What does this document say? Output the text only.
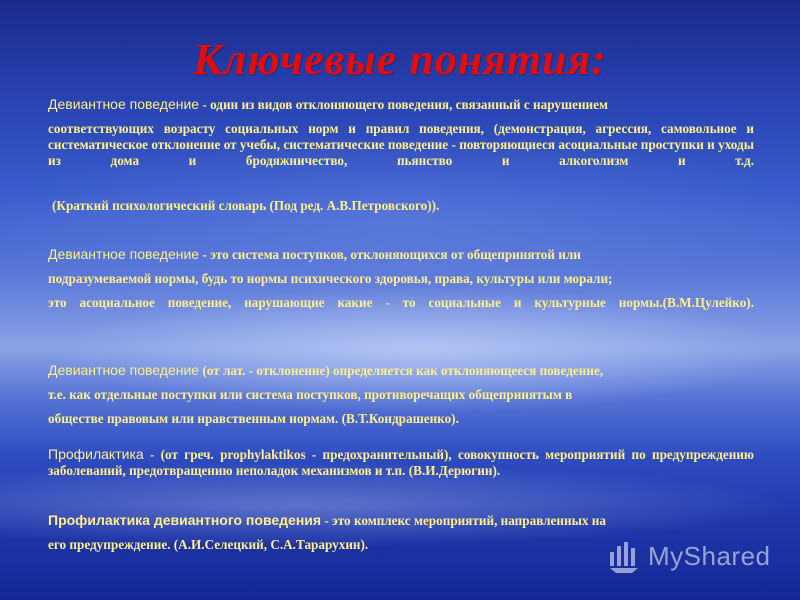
Ключевые понятия:
Девиантное поведение - один из видов отклоняющего поведения, связанный с нарушением
соответствующих возрасту социальных норм и правил поведения, (демонстрация, агрессия, самовольное и систематическое отклонение от учебы, систематические поведение - повторяющиеся асоциальные проступки и уходы из дома и бродяжничество, пьянство и алкоголизм и т.д.
(Краткий психологический словарь (Под ред. А.В.Петровского)).
Девиантное поведение - это система поступков, отклоняющихся от общепринятой или
подразумеваемой нормы, будь то нормы психического здоровья, права, культуры или морали;
это асоциальное поведение, нарушающие какие - то социальные и культурные нормы.(В.М.Цулейко).
Девиантное поведение (от лат. - отклонение) определяется как отклоняющееся поведение,
т.е. как отдельные поступки или система поступков, противоречащих общепринятым в
обществе правовым или нравственным нормам. (В.Т.Кондрашенко).
Профилактика - (от греч. prophylaktikos - предохранительный), совокупность мероприятий по предупреждению заболеваний, предотвращению неполадок механизмов и т.п. (В.И.Дерюгин).
Профилактика девиантного поведения - это комплекс мероприятий, направленных на
его предупреждение. (А.И.Селецкий, С.А.Тарарухин).	MyShared
